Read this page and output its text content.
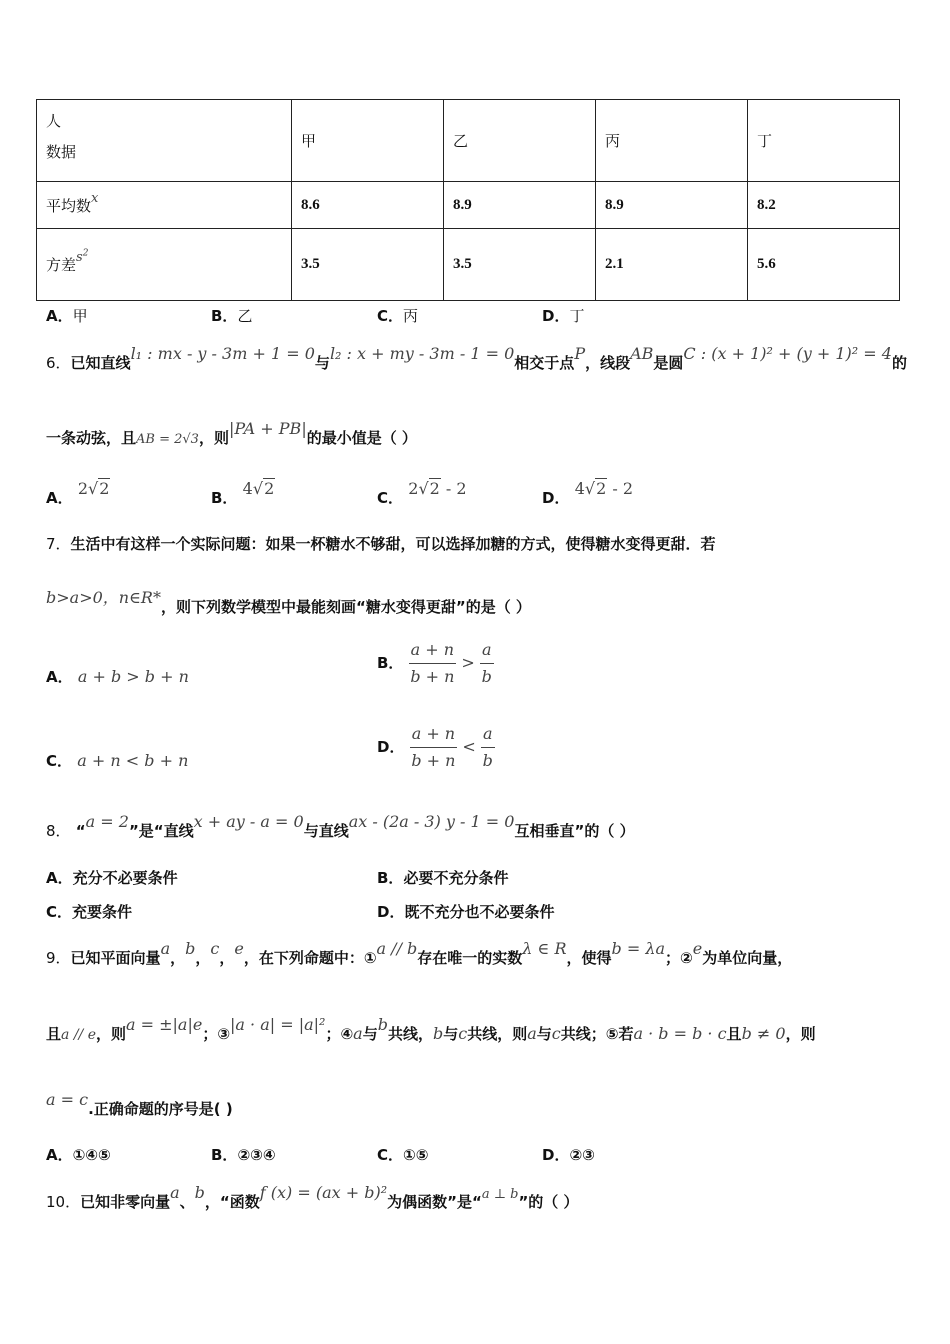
人
数据	甲	乙	丙	丁
平均数x	8.6	8.9	8.9	8.2
方差$s^2$	3.5	3.5	2.1	5.6
A．甲	B．乙	C．丙	D．丁
6．已知直线l₁ : mx - y - 3m + 1 = 0与l₂ : x + my - 3m - 1 = 0相交于点P，线段AB是圆C : (x + 1)² + (y + 1)² = 4的
一条动弦，且AB = 2√3，则|PA + PB|的最小值是（ ）
A． 2√2	B． 4√2	C． 2√2 - 2	D． 4√2 - 2
7．生活中有这样一个实际问题：如果一杯糖水不够甜，可以选择加糖的方式，使得糖水变得更甜．若
b>a>0，n∈R*，则下列数学模型中最能刻画“糖水变得更甜”的是（ ）
A． a + b > b + n
B． $\frac{a + n}{b + n} > \frac{a}{b}$
C． a + n < b + n
D． $\frac{a + n}{b + n} < \frac{a}{b}$
8． “a = 2”是“直线x + ay - a = 0与直线ax - (2a - 3) y - 1 = 0互相垂直”的（ ）
A．充分不必要条件	B．必要不充分条件
C．充要条件	D．既不充分也不必要条件
9．已知平面向量a，b，c，e，在下列命题中：①a // b存在唯一的实数λ ∈ R，使得b = λa；②e为单位向量，
且a // e，则a = ±|a|e；③|a · a| = |a|²；④a与b共线，b与c共线，则a与c共线；⑤若a · b = b · c且b ≠ 0，则
a = c.正确命题的序号是( )
A．①④⑤	B．②③④	C．①⑤	D．②③
10．已知非零向量a、b，“函数f (x) = (ax + b)²为偶函数”是“a ⊥ b”的（ ）
